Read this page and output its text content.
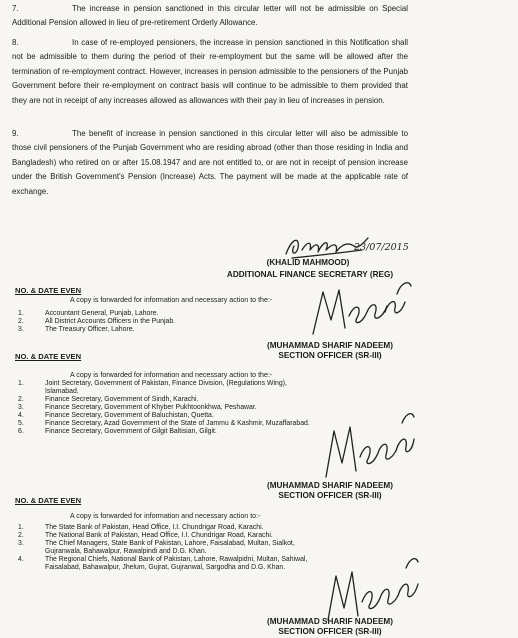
7.	The increase in pension sanctioned in this circular letter will not be admissible on Special Additional Pension allowed in lieu of pre-retirement Orderly Allowance.
8.	In case of re-employed pensioners, the increase in pension sanctioned in this Notification shall not be admissible to them during the period of their re-employment but the same will be allowed after the termination of re-employment contract. However, increases in pension admissible to the pensioners of the Punjab Government before their re-employment on contract basis will continue to be admissible to them provided that they are not in receipt of any increases allowed as allowances with their pay in lieu of increases in pension.
9.	The benefit of increase in pension sanctioned in this circular letter will also be admissible to those civil pensioners of the Punjab Government who are residing abroad (other than those residing in India and Bangladesh) who retired on or after 15.08.1947 and are not entitled to, or are not in receipt of pension increase under the British Government's Pension (Increase) Acts. The payment will be made at the applicable rate of exchange.
23/07/2015
(KHALID MAHMOOD)
ADDITIONAL FINANCE SECRETARY (REG)
NO. & DATE EVEN
A copy is forwarded for information and necessary action to the:-
1.	Accountant General, Punjab, Lahore.
2.	All District Accounts Officers in the Punjab.
3.	The Treasury Officer, Lahore.
(MUHAMMAD SHARIF NADEEM)
SECTION OFFICER (SR-III)
NO. & DATE EVEN
A copy is forwarded for information and necessary action to the:-
1.	Joint Secretary, Government of Pakistan, Finance Division, (Regulations Wing),
Islamabad.
2.	Finance Secretary, Government of Sindh, Karachi.
3.	Finance Secretary, Government of Khyber Pukhtoonkhwa, Peshawar.
4.	Finance Secretary, Government of Baluchistan, Quetta.
5.	Finance Secretary, Azad Government of the State of Jammu & Kashmir, Muzaffarabad.
6.	Finance Secretary, Government of Gilgit Baltisian, Gilgit.
(MUHAMMAD SHARIF NADEEM)
SECTION OFFICER (SR-III)
NO. & DATE EVEN
A copy is forwarded for information and necessary action to:-
1.	The State Bank of Pakistan, Head Office, I.I. Chundrigar Road, Karachi.
2.	The National Bank of Pakistan, Head Office, I.I. Chundrigar Road, Karachi.
3.	The Chief Managers, State Bank of Pakistan, Lahore, Faisalabad, Multan, Sialkot,
Gujranwala, Bahawalpur, Rawalpindi and D.G. Khan.
4.	The Regional Chiefs, National Bank of Pakistan, Lahore, Rawalpidni, Multan, Sahiwal,
Faisalabad, Bahawalpur, Jhelum, Gujrat, Gujranwal, Sargodha and D.G. Khan.
(MUHAMMAD SHARIF NADEEM)
SECTION OFFICER (SR-III)
